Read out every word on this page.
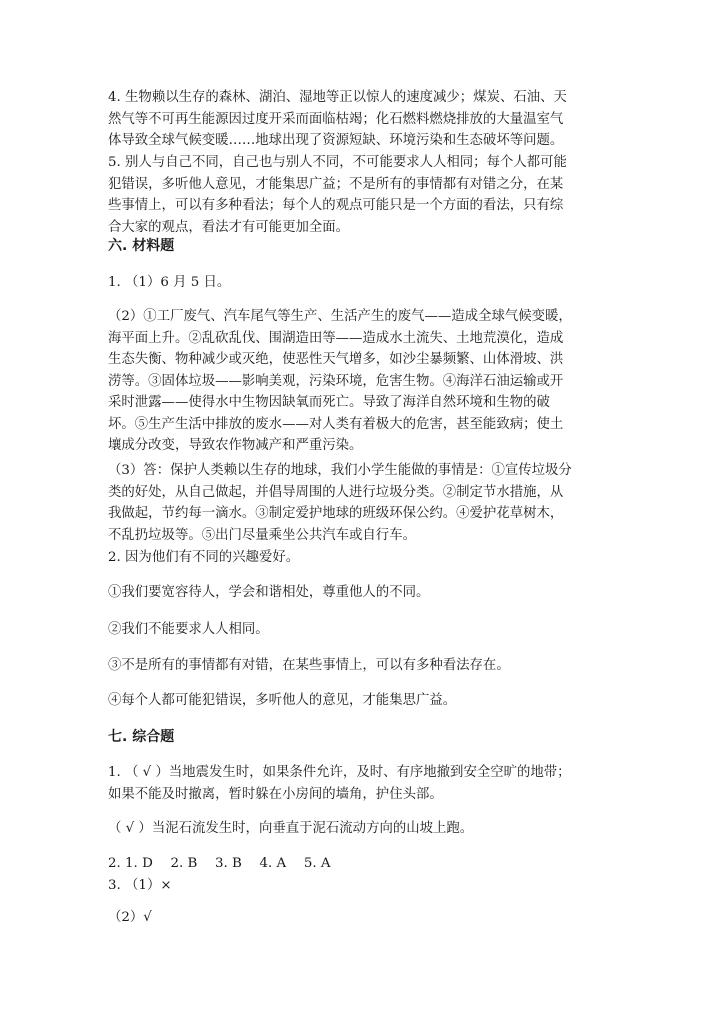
4. 生物赖以生存的森林、湖泊、湿地等正以惊人的速度减少；煤炭、石油、天
然气等不可再生能源因过度开采而面临枯竭；化石燃料燃烧排放的大量温室气
体导致全球气候变暖……地球出现了资源短缺、环境污染和生态破坏等问题。
5. 别人与自己不同，自己也与别人不同，不可能要求人人相同；每个人都可能
犯错误，多听他人意见，才能集思广益；不是所有的事情都有对错之分，在某
些事情上，可以有多种看法；每个人的观点可能只是一个方面的看法，只有综
合大家的观点，看法才有可能更加全面。
六. 材料题
1. （1）6 月 5 日。
（2）①工厂废气、汽车尾气等生产、生活产生的废气——造成全球气候变暖，
海平面上升。②乱砍乱伐、围湖造田等——造成水土流失、土地荒漠化，造成
生态失衡、物种减少或灭绝，使恶性天气增多，如沙尘暴频繁、山体滑坡、洪
涝等。③固体垃圾——影响美观，污染环境，危害生物。④海洋石油运输或开
采时泄露——使得水中生物因缺氧而死亡。导致了海洋自然环境和生物的破
坏。⑤生产生活中排放的废水——对人类有着极大的危害，甚至能致病；使土
壤成分改变，导致农作物减产和严重污染。
（3）答：保护人类赖以生存的地球，我们小学生能做的事情是：①宣传垃圾分
类的好处，从自己做起，并倡导周围的人进行垃圾分类。②制定节水措施，从
我做起，节约每一滴水。③制定爱护地球的班级环保公约。④爱护花草树木，
不乱扔垃圾等。⑤出门尽量乘坐公共汽车或自行车。
2. 因为他们有不同的兴趣爱好。
①我们要宽容待人，学会和谐相处，尊重他人的不同。
②我们不能要求人人相同。
③不是所有的事情都有对错，在某些事情上，可以有多种看法存在。
④每个人都可能犯错误，多听他人的意见，才能集思广益。
七. 综合题
1. （ √ ）当地震发生时，如果条件允许，及时、有序地撤到安全空旷的地带；
如果不能及时撤离，暂时躲在小房间的墙角，护住头部。
（ √ ）当泥石流发生时，向垂直于泥石流动方向的山坡上跑。
2. 1. D　 2. B　 3. B　 4. A　 5. A
3. （1）×
（2）√
